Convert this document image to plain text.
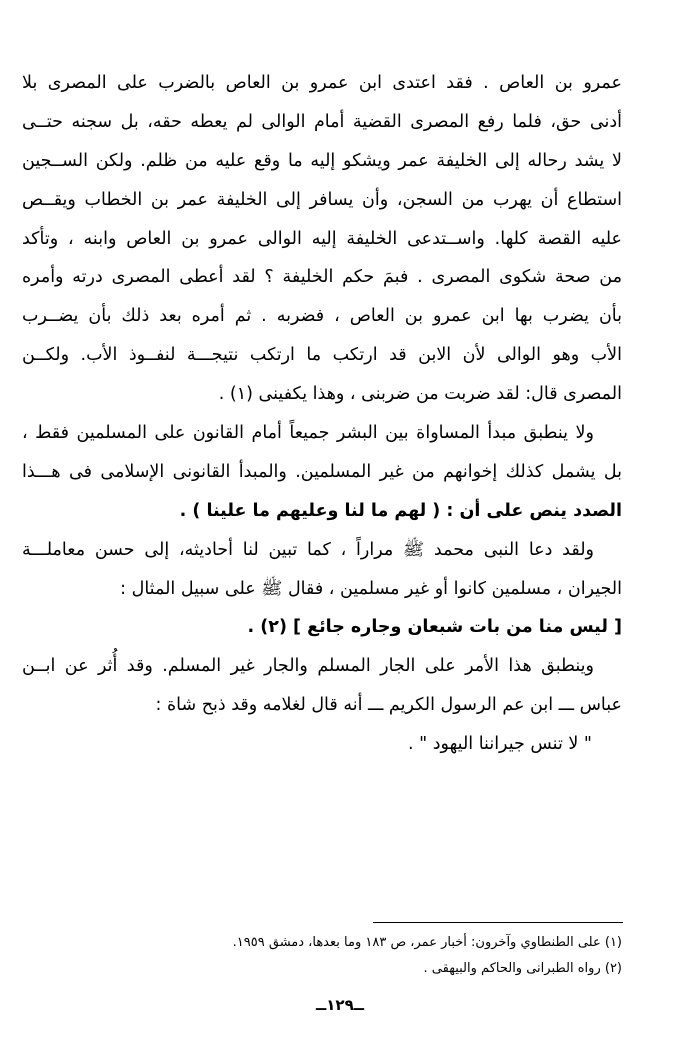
عمرو بن العاص . فقد اعتدى ابن عمرو بن العاص بالضرب على المصرى بلا
أدنى حق، فلما رفع المصرى القضية أمام الوالى لم يعطه حقه، بل سجنه حتــى
لا يشد رحاله إلى الخليفة عمر ويشكو إليه ما وقع عليه من ظلم. ولكن الســجين
استطاع أن يهرب من السجن، وأن يسافر إلى الخليفة عمر بن الخطاب ويقــص
عليه القصة كلها. واســتدعى الخليفة إليه الوالى عمرو بن العاص وابنه ، وتأكد
من صحة شكوى المصرى . فبمَ حكم الخليفة ؟ لقد أعطى المصرى درته وأمره
بأن يضرب بها ابن عمرو بن العاص ، فضربه . ثم أمره بعد ذلك بأن يضــرب
الأب وهو الوالى لأن الابن قد ارتكب ما ارتكب نتيجـــة لنفــوذ الأب. ولكــن
المصرى قال: لقد ضربت من ضربنى ، وهذا يكفينى (١) .
ولا ينطبق مبدأ المساواة بين البشر جميعاً أمام القانون على المسلمين فقط ،
بل يشمل كذلك إخوانهم من غير المسلمين. والمبدأ القانونى الإسلامى فى هـــذا
الصدد ينص على أن : ( لهم ما لنا وعليهم ما علينا ) .
ولقد دعا النبى محمد ﷺ مراراً ، كما تبين لنا أحاديثه، إلى حسن معاملـــة
الجيران ، مسلمين كانوا أو غير مسلمين ، فقال ﷺ على سبيل المثال :
[ ليس منا من بات شبعان وجاره جائع ] (٢) .
وينطبق هذا الأمر على الجار المسلم والجار غير المسلم. وقد أُثر عن ابــن
عباس ـــ ابن عم الرسول الكريم ـــ أنه قال لغلامه وقد ذبح شاة :
" لا تنس جيراننا اليهود " .
(١) على الطنطاوي وآخرون: أخبار عمر، ص ١٨٣ وما بعدها، دمشق ١٩٥٩.
(٢) رواه الطبرانى والحاكم والبيهقى .
ــ١٢٩ــ
